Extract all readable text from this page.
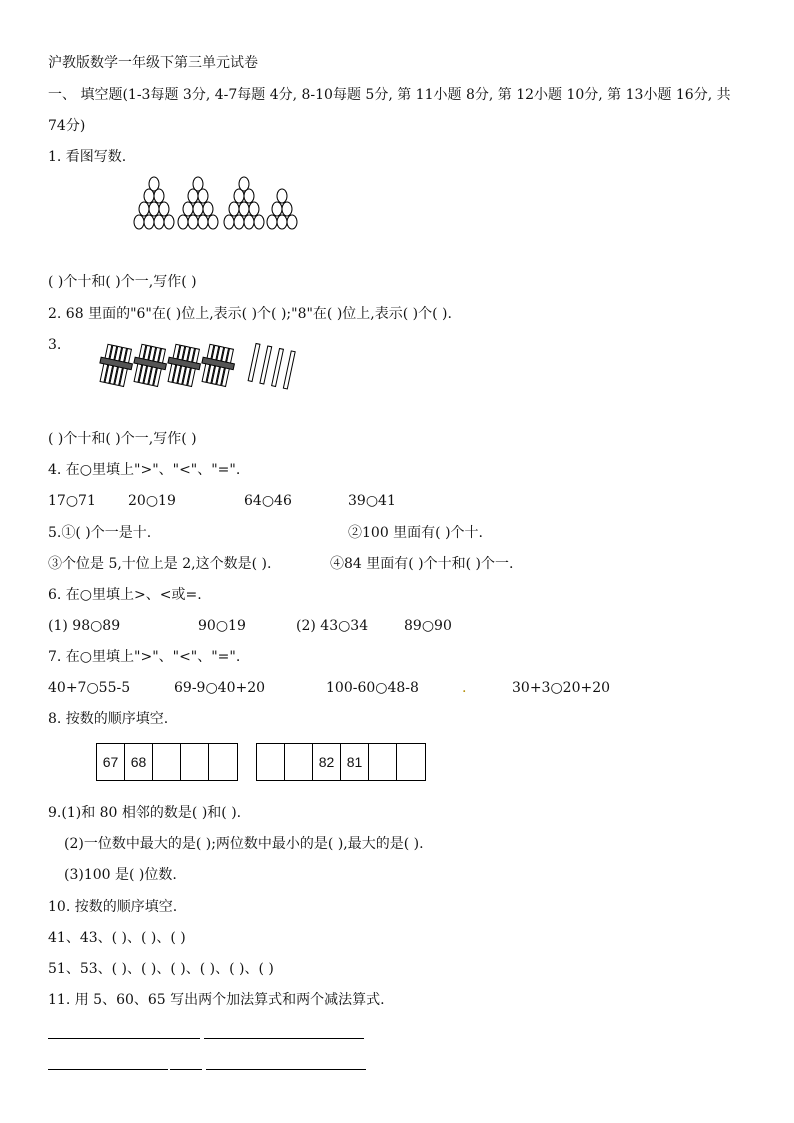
沪教版数学一年级下第三单元试卷
一、 填空题(1-3每题 3分, 4-7每题 4分, 8-10每题 5分, 第 11小题 8分, 第 12小题 10分, 第 13小题 16分, 共 74分)
1. 看图写数.
( )个十和( )个一,写作( )
2. 68 里面的"6"在( )位上,表示( )个( );"8"在( )位上,表示( )个( ).
3.
( )个十和( )个一,写作( )
4. 在○里填上">"、"<"、"=".
17○71 20○19	64○46	39○41
5.①( )个一是十.	②100 里面有( )个十.
③个位是 5,十位上是 2,这个数是( ).	④84 里面有( )个十和( )个一.
6. 在○里填上>、<或=.
(1) 98○89	90○19	(2) 43○34	89○90
7. 在○里填上">"、"<"、"=".
40+7○55-5	69-9○40+20	100-60○48-8	.	30+3○20+20
8. 按数的顺序填空.
67 68	82 81
9.(1)和 80 相邻的数是( )和( ).
(2)一位数中最大的是( );两位数中最小的是( ),最大的是( ).
(3)100 是( )位数.
10. 按数的顺序填空.
41、43、( )、( )、( )
51、53、( )、( )、( )、( )、( )、( )
11. 用 5、60、65 写出两个加法算式和两个减法算式.
